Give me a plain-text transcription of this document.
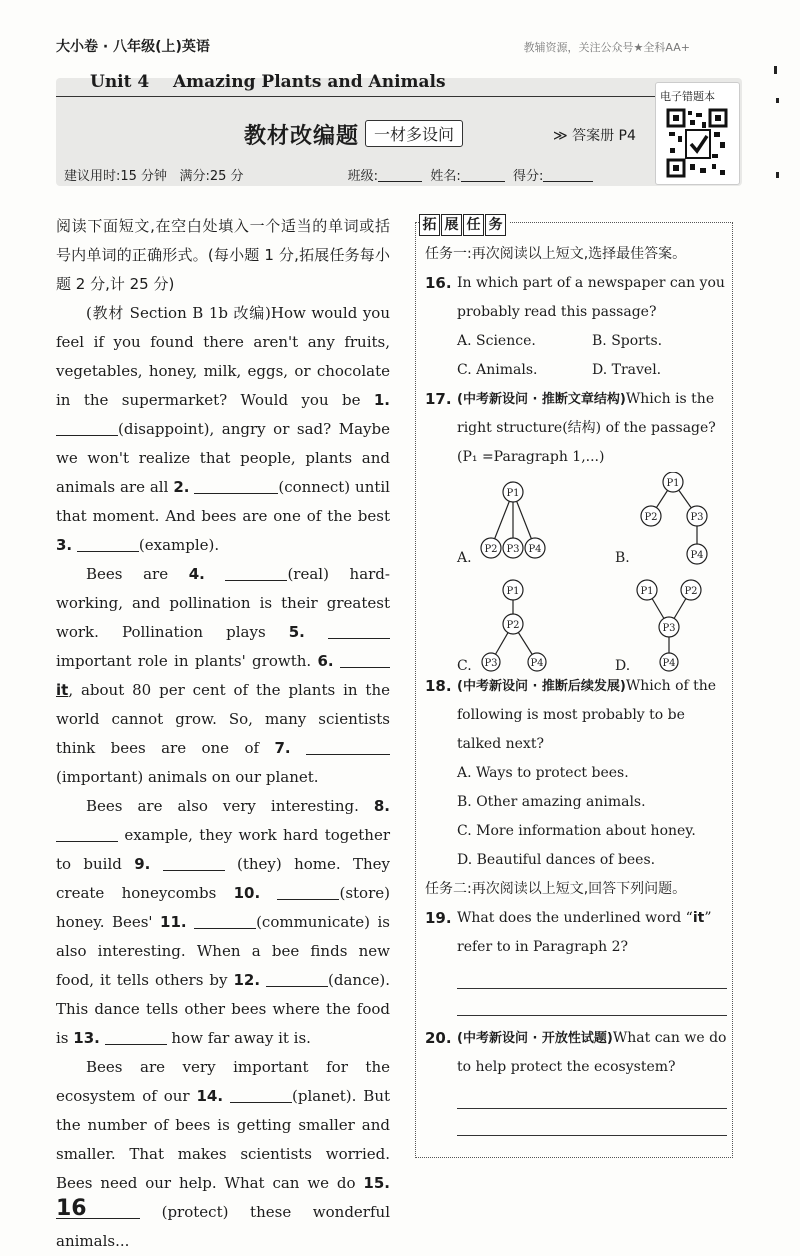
大小卷 · 八年级(上)英语	教辅资源，关注公众号★全科AA+
Unit 4 Amazing Plants and Animals
教材改编题 一材多设问	≫ 答案册 P4
建议用时:15 分钟 满分:25 分	班级:	姓名:	得分:
电子错题本

阅读下面短文,在空白处填入一个适当的单词或括号内单词的正确形式。(每小题 1 分,拓展任务每小题 2 分,计 25 分)

(教材 Section B 1b 改编)How would you feel if you found there aren't any fruits, vegetables, honey, milk, eggs, or chocolate in the supermarket? Would you be 1. (disappoint), angry or sad? Maybe we won't realize that people, plants and animals are all 2.	(connect) until that moment. And bees are one of the best 3.	(example).

Bees are 4.	(real) hard-working, and pollination is their greatest work. Pollination plays 5.  important role in plants' growth. 6.  it, about 80 per cent of the plants in the world cannot grow. So, many scientists think bees are one of 7.  (important) animals on our planet.

Bees are also very interesting. 8.  example, they work hard together to build 9.	(they) home. They create honeycombs 10.	(store) honey. Bees' 11.	(communicate) is also interesting. When a bee finds new food, it tells others by 12.	(dance). This dance tells other bees where the food is 13.	how far away it is.

Bees are very important for the ecosystem of our 14.	(planet). But the number of bees is getting smaller and smaller. That makes scientists worried. Bees need our help. What can we do 15.  (protect) these wonderful animals...

拓 展 任 务

任务一:再次阅读以上短文,选择最佳答案。

16. In which part of a newspaper can you probably read this passage?
A. Science.	B. Sports.
C. Animals.	D. Travel.
17. (中考新设问 · 推断文章结构)Which is the right structure(结构) of the passage? (P₁ =Paragraph 1,...)
P1
P2 P3 P4
P1
P2	P3
P4
P1
P2
P3	P4
P1	P2
P3
P4
A.	B.
C.	D.
18. (中考新设问 · 推断后续发展)Which of the following is most probably to be talked next?

A. Ways to protect bees.

B. Other amazing animals.

C. More information about honey.

D. Beautiful dances of bees.

任务二:再次阅读以上短文,回答下列问题。

19. What does the underlined word “it” refer to in Paragraph 2?
20. (中考新设问 · 开放性试题)What can we do to help protect the ecosystem?
16
